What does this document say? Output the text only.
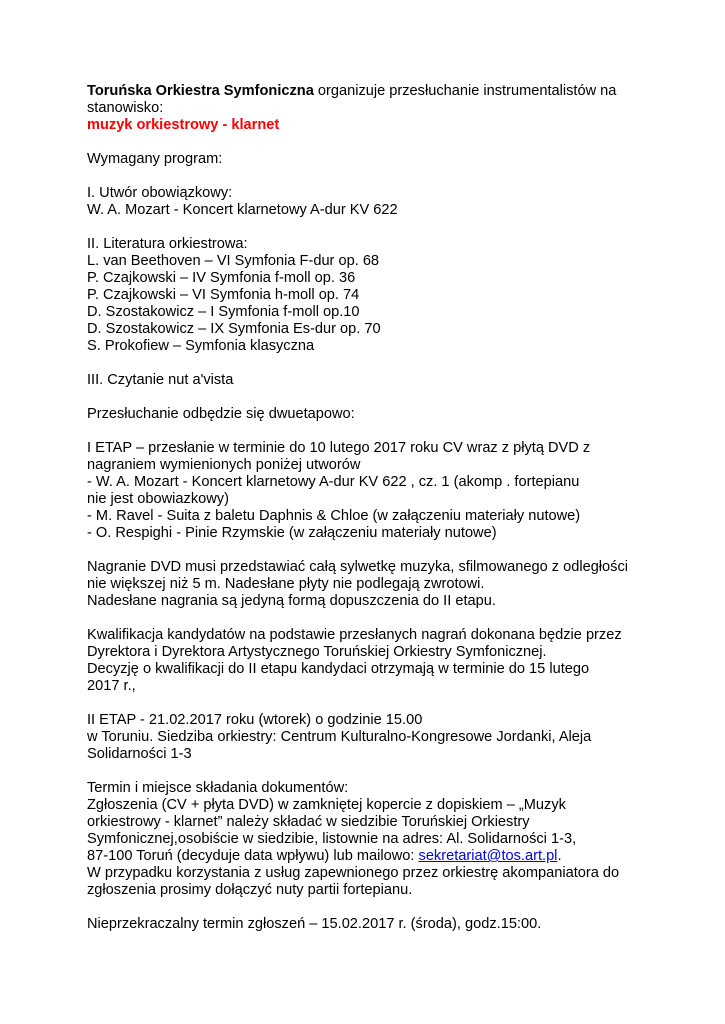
Toruńska Orkiestra Symfoniczna organizuje przesłuchanie instrumentalistów na
stanowisko:
muzyk orkiestrowy - klarnet
Wymagany program:
I. Utwór obowiązkowy:
W. A. Mozart - Koncert klarnetowy A-dur KV 622
II. Literatura orkiestrowa:
L. van Beethoven – VI Symfonia F-dur op. 68
P. Czajkowski – IV Symfonia f-moll op. 36
P. Czajkowski – VI Symfonia h-moll op. 74
D. Szostakowicz – I Symfonia f-moll op.10
D. Szostakowicz – IX Symfonia Es-dur op. 70
S. Prokofiew – Symfonia klasyczna
III. Czytanie nut a'vista
Przesłuchanie odbędzie się dwuetapowo:
I ETAP – przesłanie w terminie do 10 lutego 2017 roku CV wraz z płytą DVD z
nagraniem wymienionych poniżej utworów
- W. A. Mozart - Koncert klarnetowy A-dur KV 622 , cz. 1 (akomp . fortepianu
nie jest obowiazkowy)
- M. Ravel - Suita z baletu Daphnis & Chloe (w załączeniu materiały nutowe)
- O. Respighi - Pinie Rzymskie (w załączeniu materiały nutowe)
Nagranie DVD musi przedstawiać całą sylwetkę muzyka, sfilmowanego z odległości
nie większej niż 5 m. Nadesłane płyty nie podlegają zwrotowi.
Nadesłane nagrania są jedyną formą dopuszczenia do II etapu.
Kwalifikacja kandydatów na podstawie przesłanych nagrań dokonana będzie przez
Dyrektora i Dyrektora Artystycznego Toruńskiej Orkiestry Symfonicznej.
Decyzję o kwalifikacji do II etapu kandydaci otrzymają w terminie do 15 lutego
2017 r.,
II ETAP - 21.02.2017 roku (wtorek) o godzinie 15.00
w Toruniu. Siedziba orkiestry: Centrum Kulturalno-Kongresowe Jordanki, Aleja
Solidarności 1-3
Termin i miejsce składania dokumentów:
Zgłoszenia (CV + płyta DVD) w zamkniętej kopercie z dopiskiem – „Muzyk
orkiestrowy - klarnet” należy składać w siedzibie Toruńskiej Orkiestry
Symfonicznej,osobiście w siedzibie, listownie na adres: Al. Solidarności 1-3,
87-100 Toruń (decyduje data wpływu) lub mailowo: sekretariat@tos.art.pl.
W przypadku korzystania z usług zapewnionego przez orkiestrę akompaniatora do
zgłoszenia prosimy dołączyć nuty partii fortepianu.
Nieprzekraczalny termin zgłoszeń – 15.02.2017 r. (środa), godz.15:00.
